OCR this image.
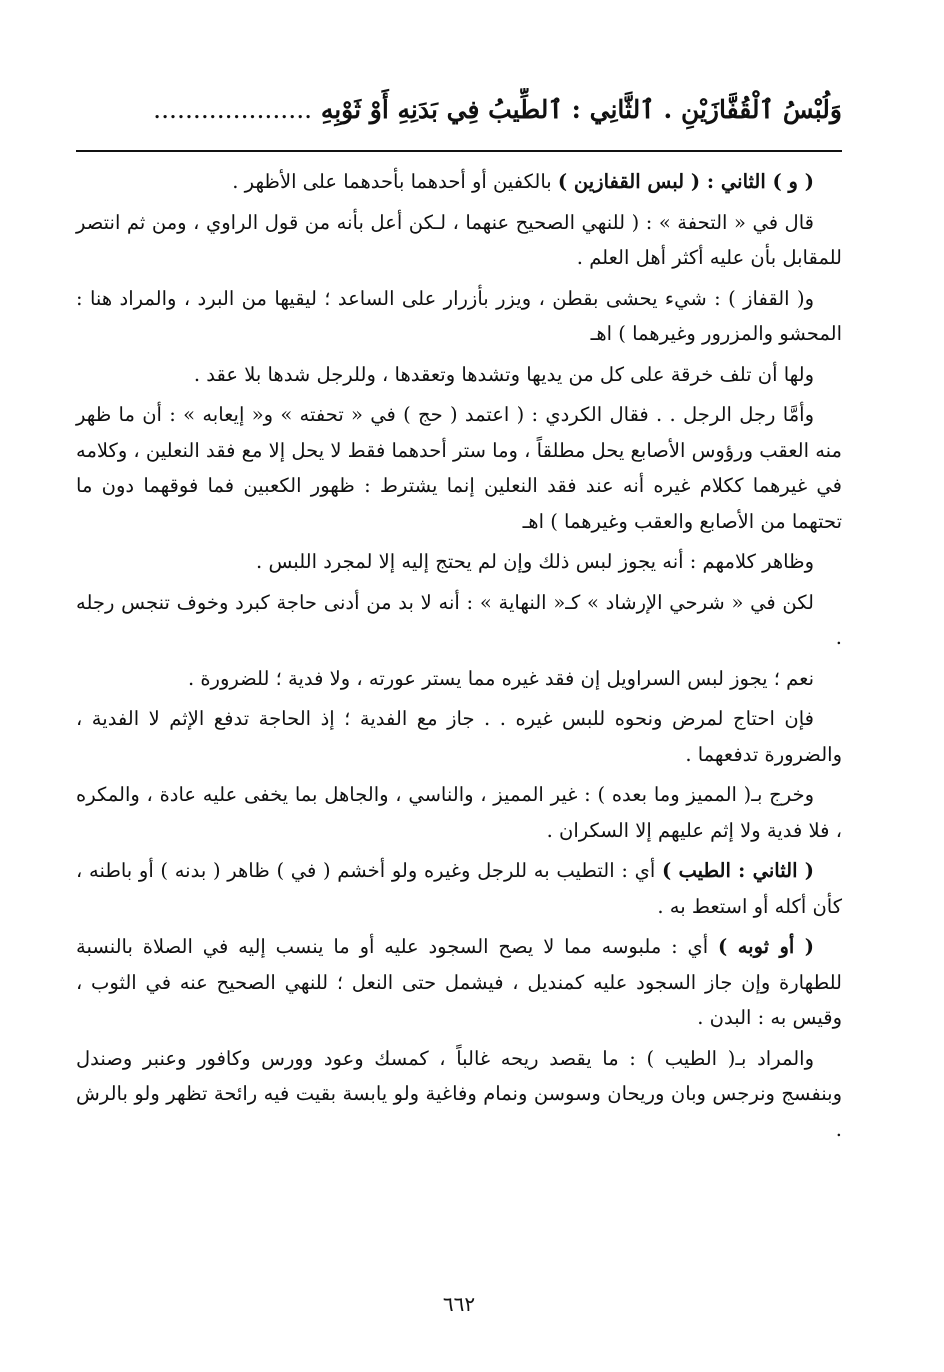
وَلُبْسُ ٱلْقُفَّازَيْنِ . ٱلثَّانِي : ٱلطِّيبُ فِي بَدَنِهِ أَوْ ثَوْبِهِ ....................

( و ) الثاني : ( لبس القفازين ) بالكفين أو أحدهما بأحدهما على الأظهر .

قال في « التحفة » : ( للنهي الصحيح عنهما ، لـكن أعل بأنه من قول الراوي ، ومن ثم انتصر للمقابل بأن عليه أكثر أهل العلم .

و( القفاز ) : شيء يحشى بقطن ، ويزر بأزرار على الساعد ؛ ليقيها من البرد ، والمراد هنا : المحشو والمزرور وغيرهما ) اهـ

ولها أن تلف خرقة على كل من يديها وتشدها وتعقدها ، وللرجل شدها بلا عقد .

وأمَّا رجل الرجل . . فقال الكردي : ( اعتمد ( حج ) في « تحفته » و« إيعابه » : أن ما ظهر منه العقب ورؤوس الأصابع يحل مطلقاً ، وما ستر أحدهما فقط لا يحل إلا مع فقد النعلين ، وكلامه في غيرهما ككلام غيره أنه عند فقد النعلين إنما يشترط : ظهور الكعبين فما فوقهما دون ما تحتهما من الأصابع والعقب وغيرهما ) اهـ

وظاهر كلامهم : أنه يجوز لبس ذلك وإن لم يحتج إليه إلا لمجرد اللبس .

لكن في « شرحي الإرشاد » كـ« النهاية » : أنه لا بد من أدنى حاجة كبرد وخوف تنجس رجله .

نعم ؛ يجوز لبس السراويل إن فقد غيره مما يستر عورته ، ولا فدية ؛ للضرورة .

فإن احتاج لمرض ونحوه للبس غيره . . جاز مع الفدية ؛ إذ الحاجة تدفع الإثم لا الفدية ، والضرورة تدفعهما .

وخرج بـ( المميز وما بعده ) : غير المميز ، والناسي ، والجاهل بما يخفى عليه عادة ، والمكره ، فلا فدية ولا إثم عليهم إلا السكران .

( الثاني : الطيب ) أي : التطيب به للرجل وغيره ولو أخشم ( في ) ظاهر ( بدنه ) أو باطنه ، كأن أكله أو استعط به .

( أو ثوبه ) أي : ملبوسه مما لا يصح السجود عليه أو ما ينسب إليه في الصلاة بالنسبة للطهارة وإن جاز السجود عليه كمنديل ، فيشمل حتى النعل ؛ للنهي الصحيح عنه في الثوب ، وقيس به : البدن .

والمراد بـ( الطيب ) : ما يقصد ريحه غالباً ، كمسك وعود وورس وكافور وعنبر وصندل وبنفسج ونرجس وبان وريحان وسوسن ونمام وفاغية ولو يابسة بقيت فيه رائحة تظهر ولو بالرش .

٦٦٢
